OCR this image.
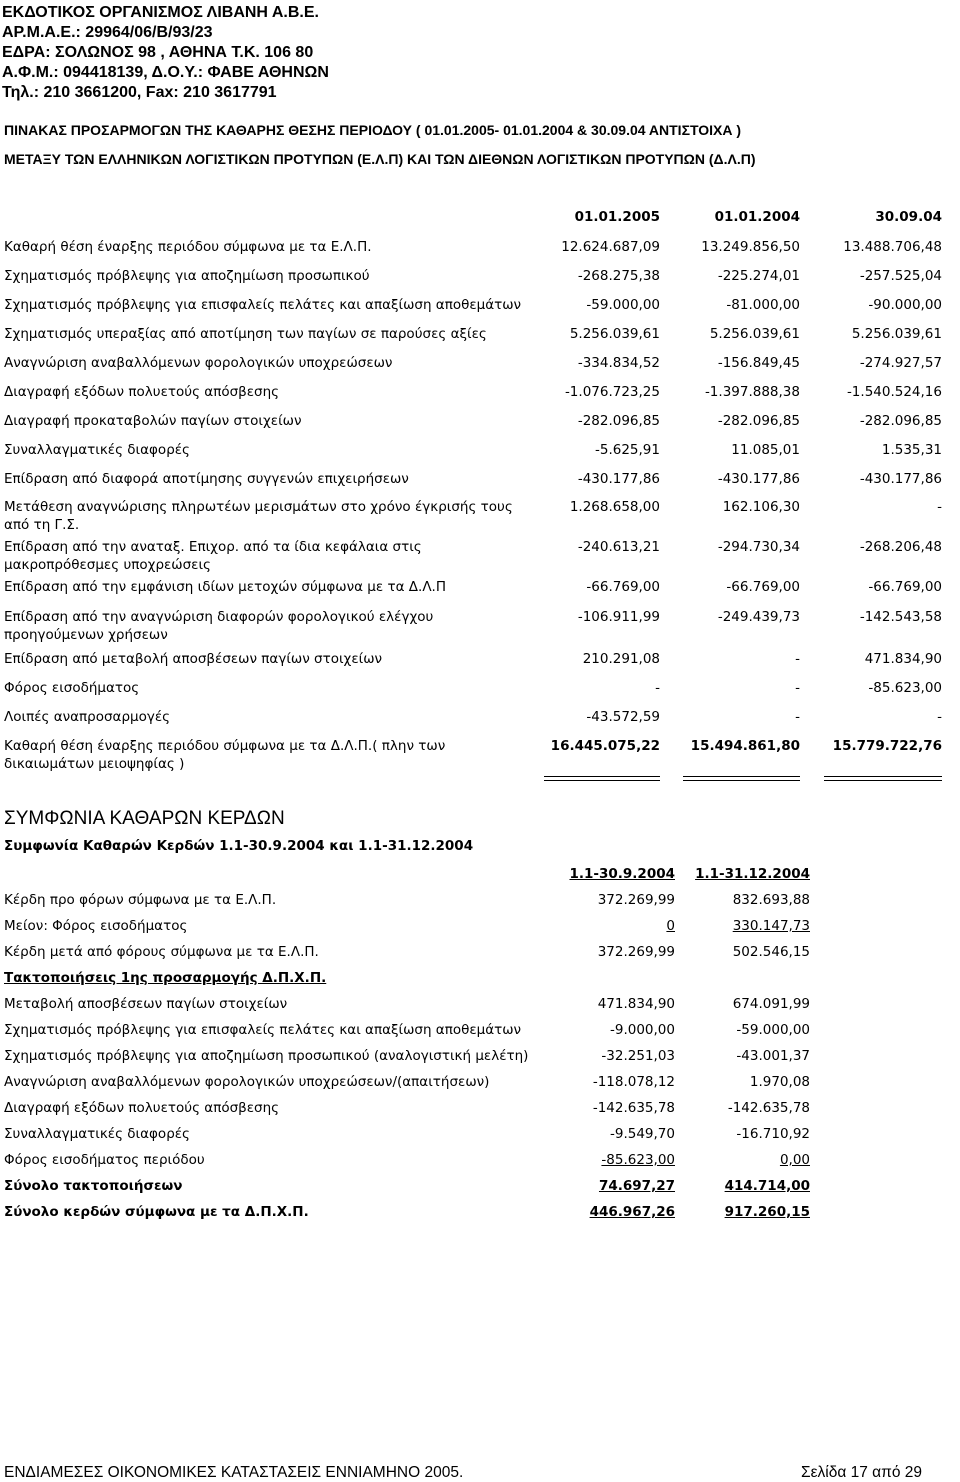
ΕΚΔΟΤΙΚΟΣ ΟΡΓΑΝΙΣΜΟΣ ΛΙΒΑΝΗ Α.Β.Ε.
ΑΡ.Μ.Α.Ε.: 29964/06/Β/93/23
ΕΔΡΑ: ΣΟΛΩΝΟΣ 98 , ΑΘΗΝΑ Τ.Κ. 106 80
Α.Φ.Μ.: 094418139, Δ.Ο.Υ.: ΦΑΒΕ ΑΘΗΝΩΝ
Τηλ.: 210 3661200, Fax: 210 3617791
ΠΙΝΑΚΑΣ ΠΡΟΣΑΡΜΟΓΩΝ ΤΗΣ ΚΑΘΑΡΗΣ ΘΕΣΗΣ ΠΕΡΙΟΔΟΥ ( 01.01.2005- 01.01.2004 & 30.09.04 ΑΝΤΙΣΤΟΙΧΑ )
ΜΕΤΑΞΥ ΤΩΝ ΕΛΛΗΝΙΚΩΝ ΛΟΓΙΣΤΙΚΩΝ ΠΡΟΤΥΠΩΝ (Ε.Λ.Π) ΚΑΙ ΤΩΝ ΔΙΕΘΝΩΝ ΛΟΓΙΣΤΙΚΩΝ ΠΡΟΤΥΠΩΝ (Δ.Λ.Π)
01.01.2005	01.01.2004	30.09.04
Καθαρή θέση έναρξης περιόδου σύμφωνα με τα Ε.Λ.Π.	12.624.687,09	13.249.856,50	13.488.706,48
Σχηματισμός πρόβλεψης για αποζημίωση προσωπικού	-268.275,38	-225.274,01	-257.525,04
Σχηματισμός πρόβλεψης για επισφαλείς πελάτες και απαξίωση αποθεμάτων	-59.000,00	-81.000,00	-90.000,00
Σχηματισμός υπεραξίας από αποτίμηση των παγίων σε παρούσες αξίες	5.256.039,61	5.256.039,61	5.256.039,61
Αναγνώριση αναβαλλόμενων φορολογικών υποχρεώσεων	-334.834,52	-156.849,45	-274.927,57
Διαγραφή εξόδων πολυετούς απόσβεσης	-1.076.723,25	-1.397.888,38	-1.540.524,16
Διαγραφή προκαταβολών παγίων στοιχείων	-282.096,85	-282.096,85	-282.096,85
Συναλλαγματικές διαφορές	-5.625,91	11.085,01	1.535,31
Επίδραση από διαφορά αποτίμησης συγγενών επιχειρήσεων	-430.177,86	-430.177,86	-430.177,86
Μετάθεση αναγνώρισης πληρωτέων μερισμάτων στο χρόνο έγκρισής τους από τη Γ.Σ.
1.268.658,00	162.106,30	-
Επίδραση από την αναταξ. Επιχορ. από τα ίδια κεφάλαια στις μακροπρόθεσμες υποχρεώσεις
-240.613,21	-294.730,34	-268.206,48
Επίδραση από την εμφάνιση ιδίων μετοχών σύμφωνα με τα Δ.Λ.Π	-66.769,00	-66.769,00	-66.769,00
Επίδραση από την αναγνώριση διαφορών φορολογικού ελέγχου προηγούμενων χρήσεων
-106.911,99	-249.439,73	-142.543,58
Επίδραση από μεταβολή αποσβέσεων παγίων στοιχείων	210.291,08	-	471.834,90
Φόρος εισοδήματος	-	-	-85.623,00
Λοιπές αναπροσαρμογές	-43.572,59	-	-
Καθαρή θέση έναρξης περιόδου σύμφωνα με τα Δ.Λ.Π.( πλην των δικαιωμάτων μειοψηφίας )
16.445.075,22 15.494.861,80 15.779.722,76
ΣΥΜΦΩΝΙΑ ΚΑΘΑΡΩΝ ΚΕΡΔΩΝ
Συμφωνία Καθαρών Κερδών 1.1-30.9.2004 και 1.1-31.12.2004
1.1-30.9.2004 1.1-31.12.2004
Κέρδη προ φόρων σύμφωνα με τα Ε.Λ.Π.	372.269,99	832.693,88
Μείον: Φόρος εισοδήματος	0	330.147,73
Κέρδη μετά από φόρους σύμφωνα με τα Ε.Λ.Π.	372.269,99	502.546,15
Τακτοποιήσεις 1ης προσαρμογής Δ.Π.Χ.Π.
Μεταβολή αποσβέσεων παγίων στοιχείων	471.834,90	674.091,99
Σχηματισμός πρόβλεψης για επισφαλείς πελάτες και απαξίωση αποθεμάτων	-9.000,00	-59.000,00
Σχηματισμός πρόβλεψης για αποζημίωση προσωπικού (αναλογιστική μελέτη)	-32.251,03	-43.001,37
Αναγνώριση αναβαλλόμενων φορολογικών υποχρεώσεων/(απαιτήσεων)	-118.078,12	1.970,08
Διαγραφή εξόδων πολυετούς απόσβεσης	-142.635,78	-142.635,78
Συναλλαγματικές διαφορές	-9.549,70	-16.710,92
Φόρος εισοδήματος περιόδου	-85.623,00	0,00
Σύνολο τακτοποιήσεων	74.697,27	414.714,00
Σύνολο κερδών σύμφωνα με τα Δ.Π.Χ.Π.	446.967,26	917.260,15
ΕΝΔΙΑΜΕΣΕΣ ΟΙΚΟΝΟΜΙΚΕΣ ΚΑΤΑΣΤΑΣΕΙΣ ΕΝΝΙΑΜΗΝΟ 2005.	Σελίδα 17 από 29
